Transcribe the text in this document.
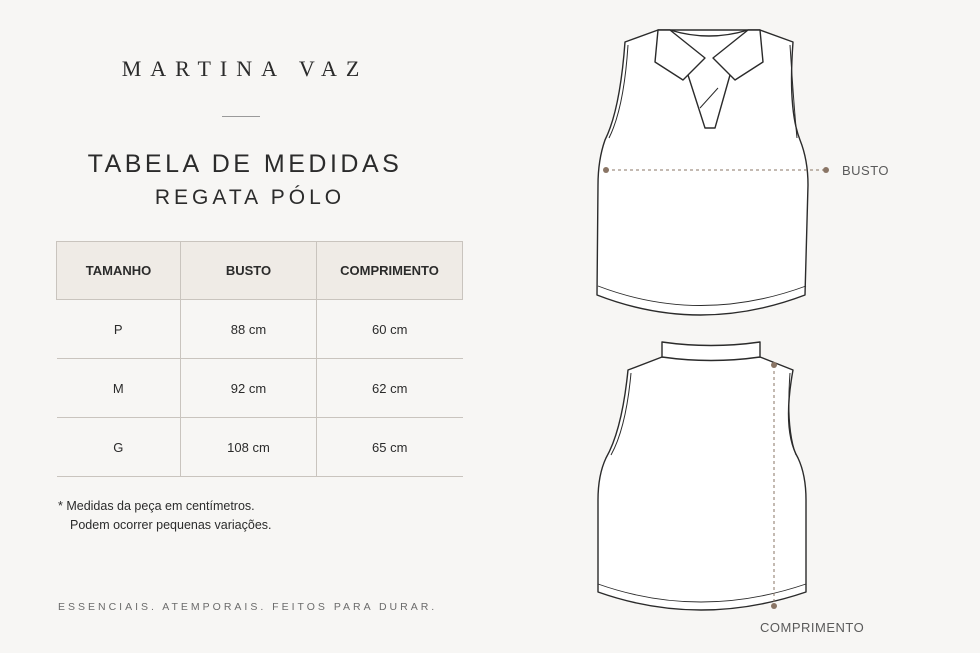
MARTINA VAZ
TABELA DE MEDIDAS
REGATA PÓLO
TAMANHO	BUSTO	COMPRIMENTO
P	88 cm	60 cm
M	92 cm	62 cm
G	108 cm	65 cm
* Medidas da peça em centímetros.
Podem ocorrer pequenas variações.
ESSENCIAIS. ATEMPORAIS. FEITOS PARA DURAR.
BUSTO
COMPRIMENTO
